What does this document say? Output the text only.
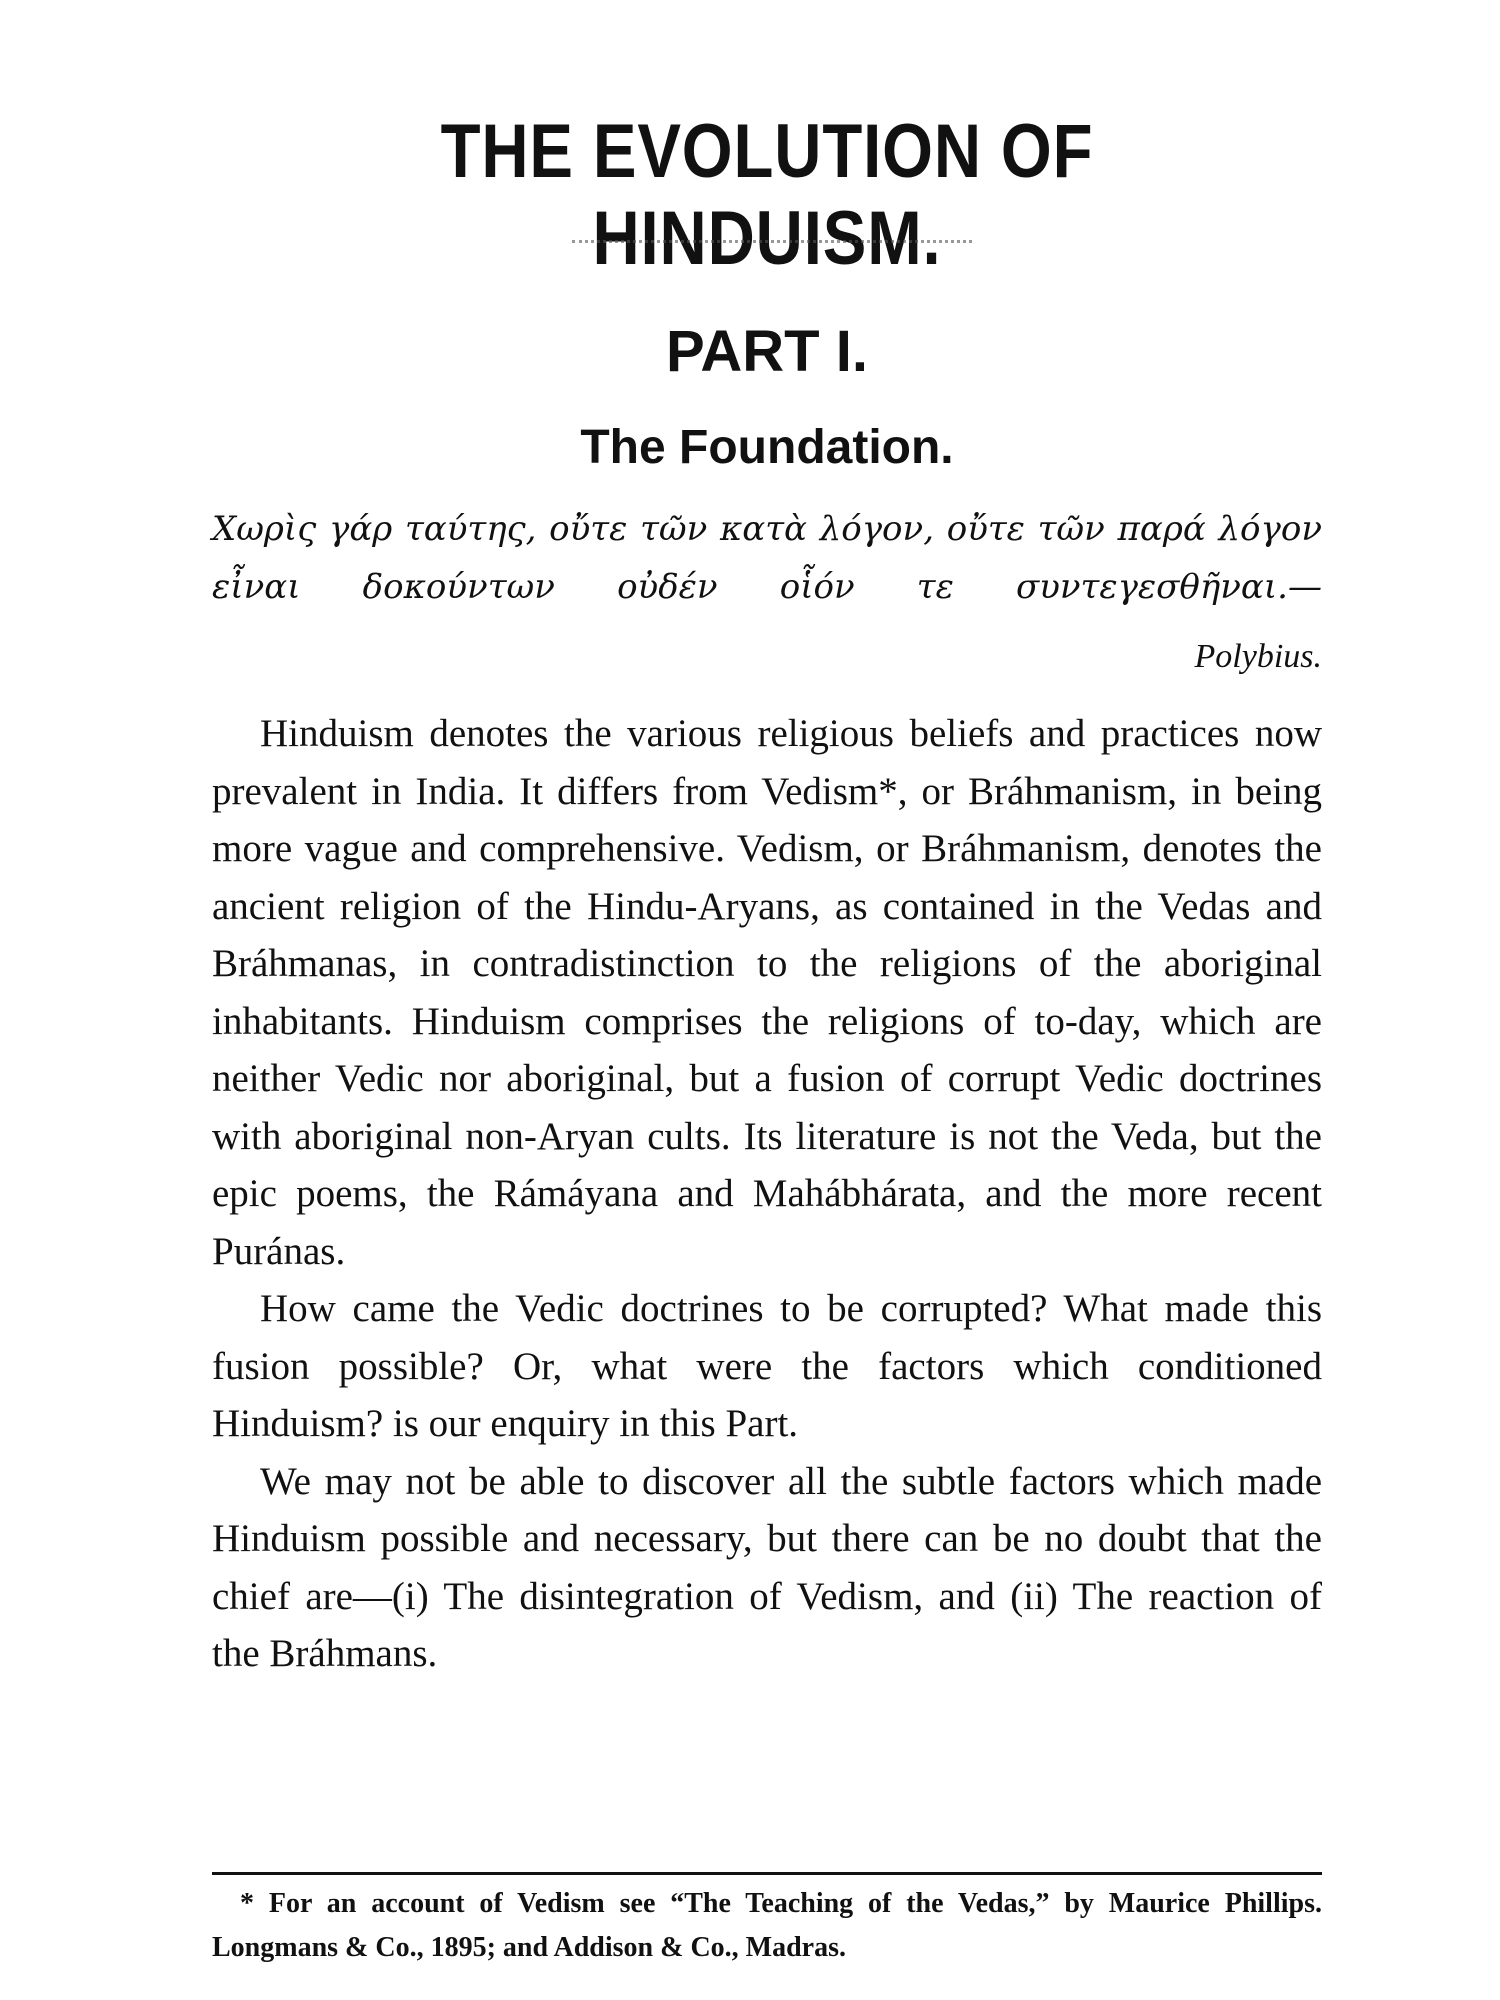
THE EVOLUTION OF HINDUISM.
PART I.
The Foundation.
Χωρὶς γάρ ταύτης, οὔτε τῶν κατὰ λόγον, οὔτε τῶν παρά λόγον εἶναι δοκούντων οὐδέν οἷόν τε συντεγεσθῆναι.—
Polybius.

Hinduism denotes the various religious beliefs and practices now prevalent in India. It differs from Vedism*, or Bráhmanism, in being more vague and comprehensive. Vedism, or Bráhmanism, denotes the ancient religion of the Hindu-Aryans, as contained in the Vedas and Bráhmanas, in contradistinction to the religions of the aboriginal inhabitants. Hinduism comprises the religions of to-day, which are neither Vedic nor aboriginal, but a fusion of corrupt Vedic doctrines with aboriginal non-Aryan cults. Its literature is not the Veda, but the epic poems, the Rámáyana and Mahábhárata, and the more recent Puránas.

How came the Vedic doctrines to be corrupted? What made this fusion possible? Or, what were the factors which conditioned Hinduism? is our enquiry in this Part.

We may not be able to discover all the subtle factors which made Hinduism possible and necessary, but there can be no doubt that the chief are—(i) The disintegration of Vedism, and (ii) The reaction of the Bráhmans.

* For an account of Vedism see “The Teaching of the Vedas,” by Maurice Phillips. Longmans & Co., 1895; and Addison & Co., Madras.
